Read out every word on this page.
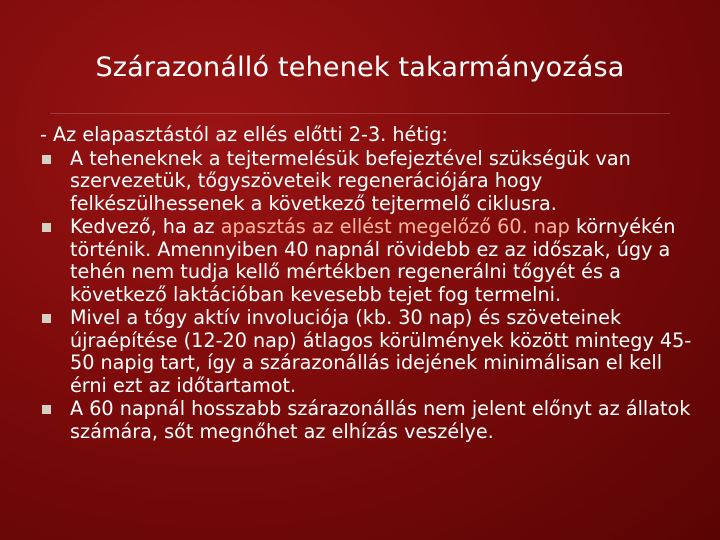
Szárazonálló tehenek takarmányozása

- Az elapasztástól az ellés előtti 2-3. hétig:

A teheneknek a tejtermelésük befejeztével szükségük van szervezetük, tőgyszöveteik regenerációjára hogy felkészülhessenek a következő tejtermelő ciklusra.
Kedvező, ha az apasztás az ellést megelőző 60. nap környékén történik. Amennyiben 40 napnál rövidebb ez az időszak, úgy a tehén nem tudja kellő mértékben regenerálni tőgyét és a következő laktációban kevesebb tejet fog termelni.
Mivel a tőgy aktív involuciója (kb. 30 nap) és szöveteinek újraépítése (12-20 nap) átlagos körülmények között mintegy 45-50 napig tart, így a szárazonállás idejének minimálisan el kell érni ezt az időtartamot.
A 60 napnál hosszabb szárazonállás nem jelent előnyt az állatok számára, sőt megnőhet az elhízás veszélye.
